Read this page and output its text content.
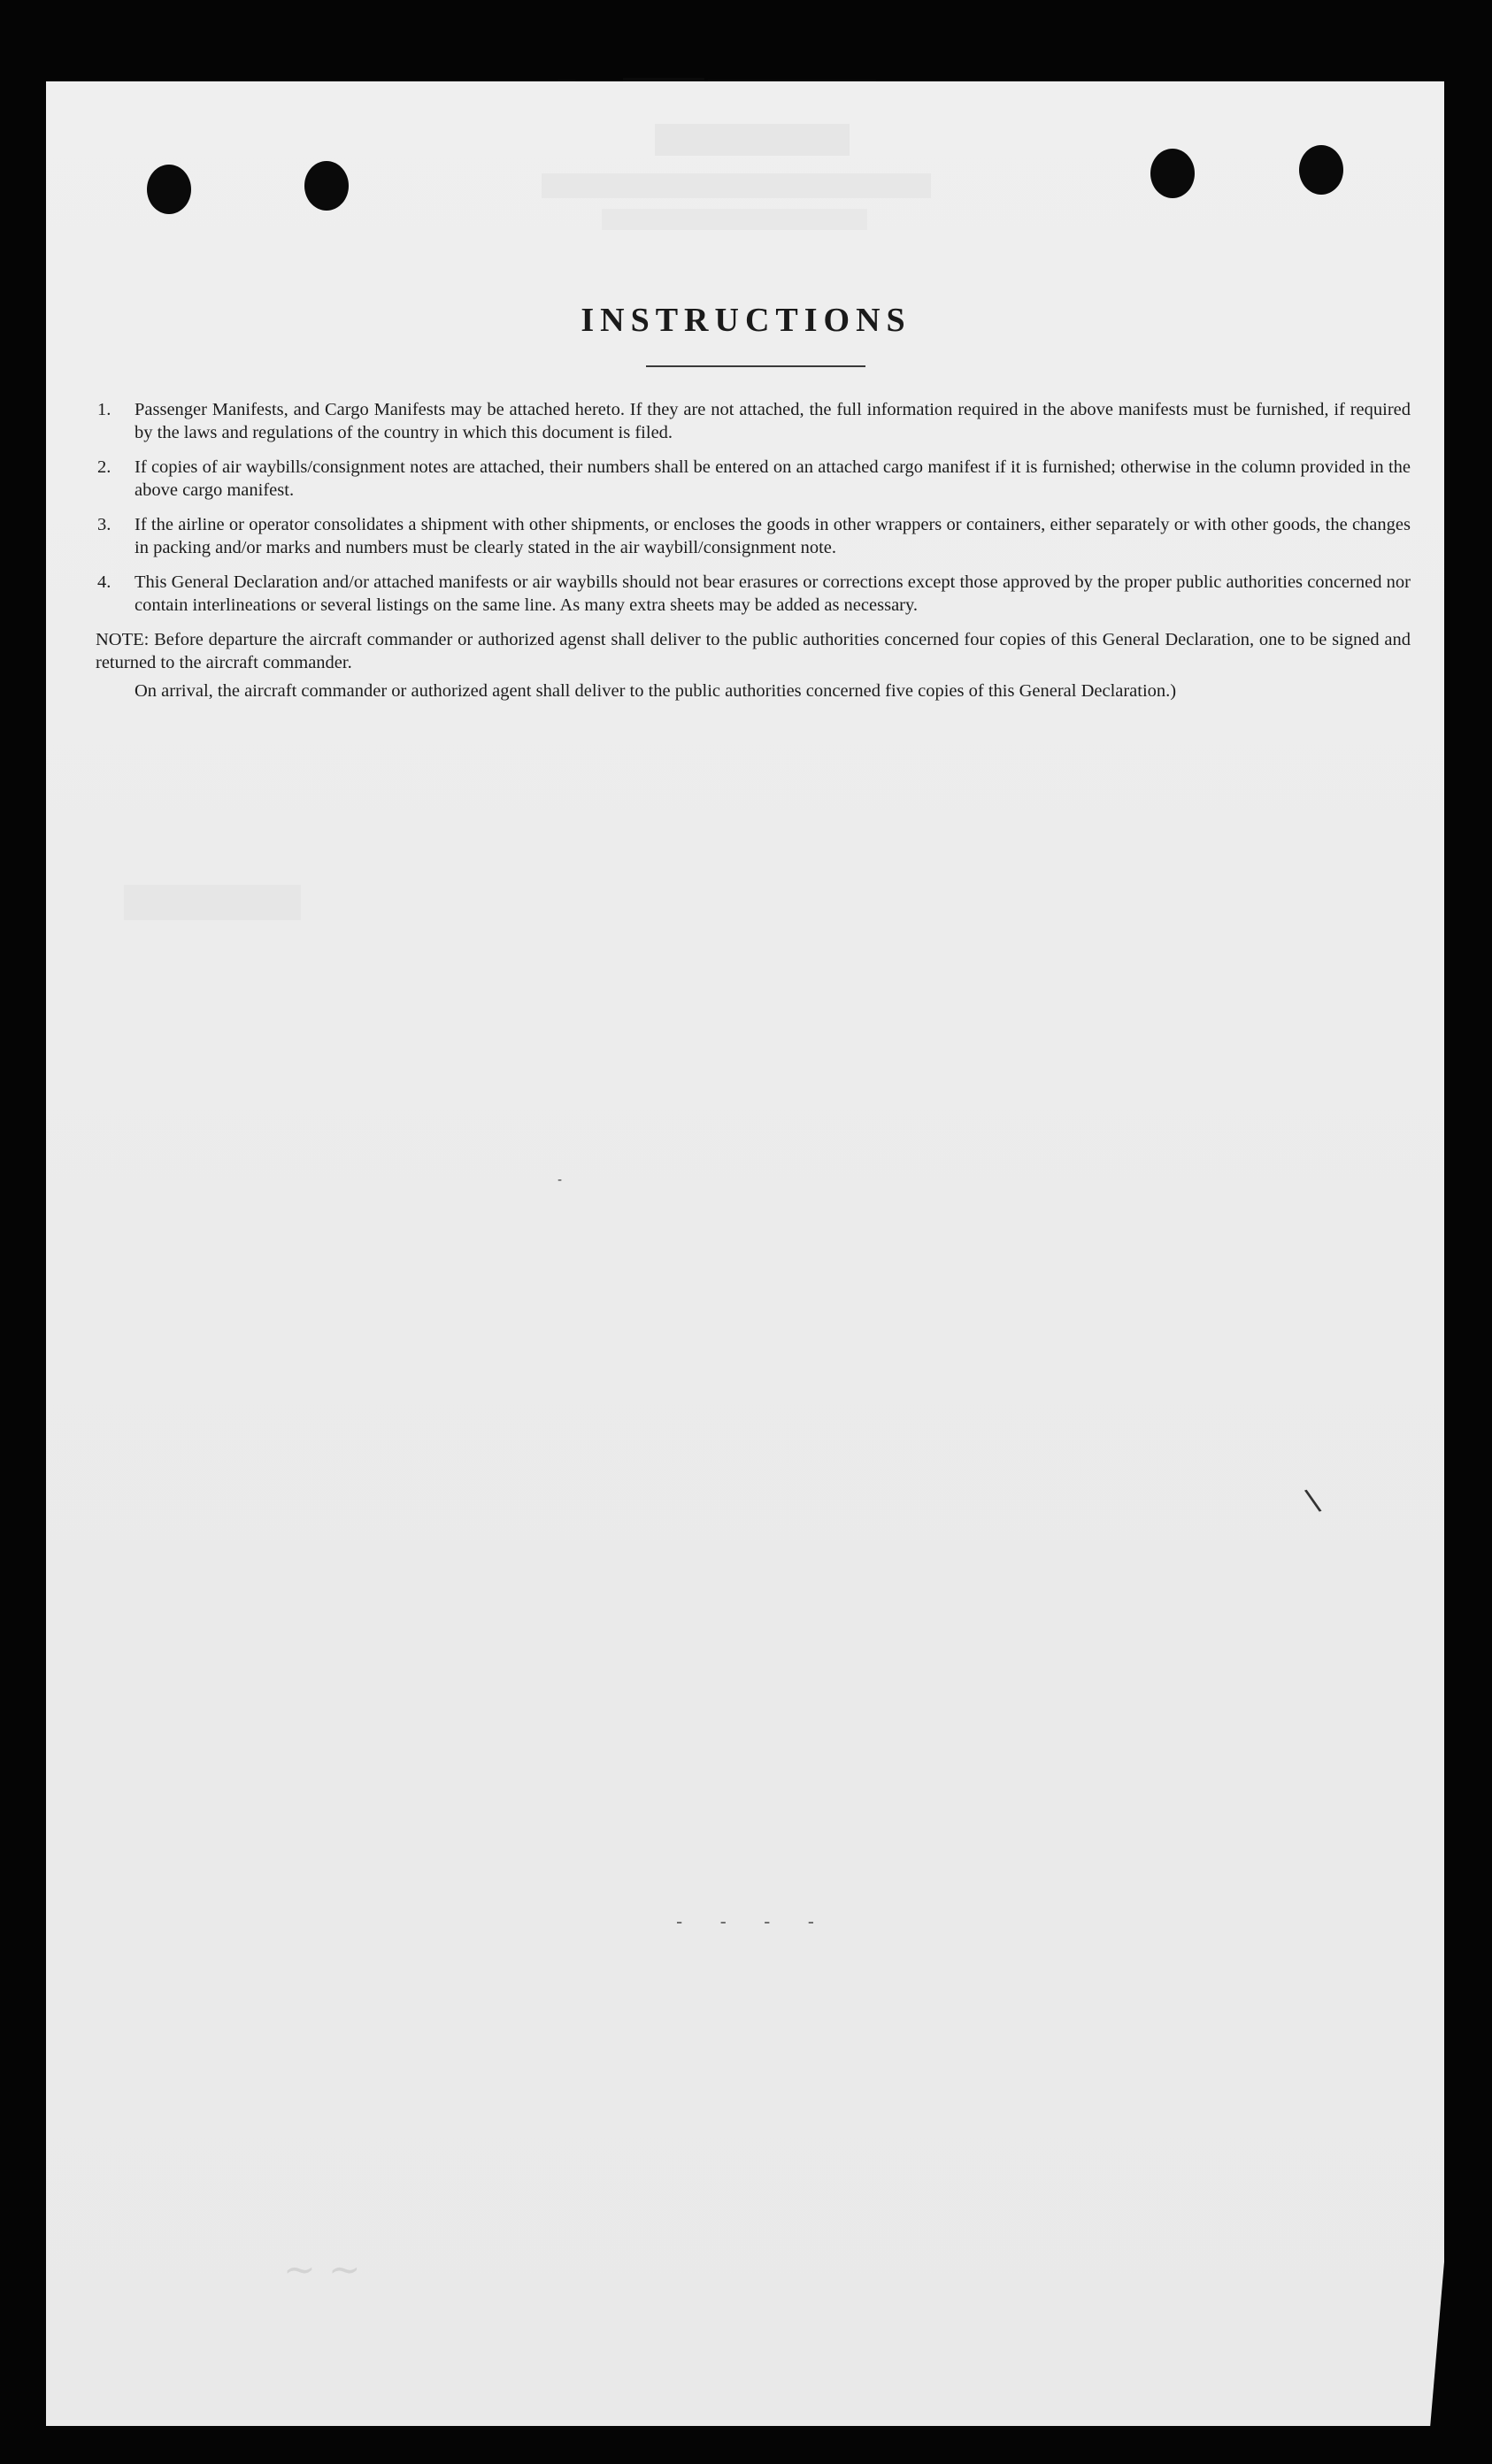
INSTRUCTIONS
1. Passenger Manifests, and Cargo Manifests may be attached hereto. If they are not attached, the full information required in the above manifests must be furnished, if required by the laws and regulations of the country in which this document is filed.
2. If copies of air waybills/consignment notes are attached, their numbers shall be entered on an attached cargo manifest if it is furnished; otherwise in the column provided in the above cargo manifest.
3. If the airline or operator consolidates a shipment with other shipments, or encloses the goods in other wrappers or containers, either separately or with other goods, the changes in packing and/or marks and numbers must be clearly stated in the air waybill/consignment note.
4. This General Declaration and/or attached manifests or air waybills should not bear erasures or corrections except those approved by the proper public authorities concerned nor contain interlineations or several listings on the same line. As many extra sheets may be added as necessary.

NOTE: Before departure the aircraft commander or authorized agenst shall deliver to the public authorities concerned four copies of this General Declaration, one to be signed and returned to the aircraft commander.

On arrival, the aircraft commander or authorized agent shall deliver to the public authorities concerned five copies of this General Declaration.)

-
\
- - - -
~ ~
